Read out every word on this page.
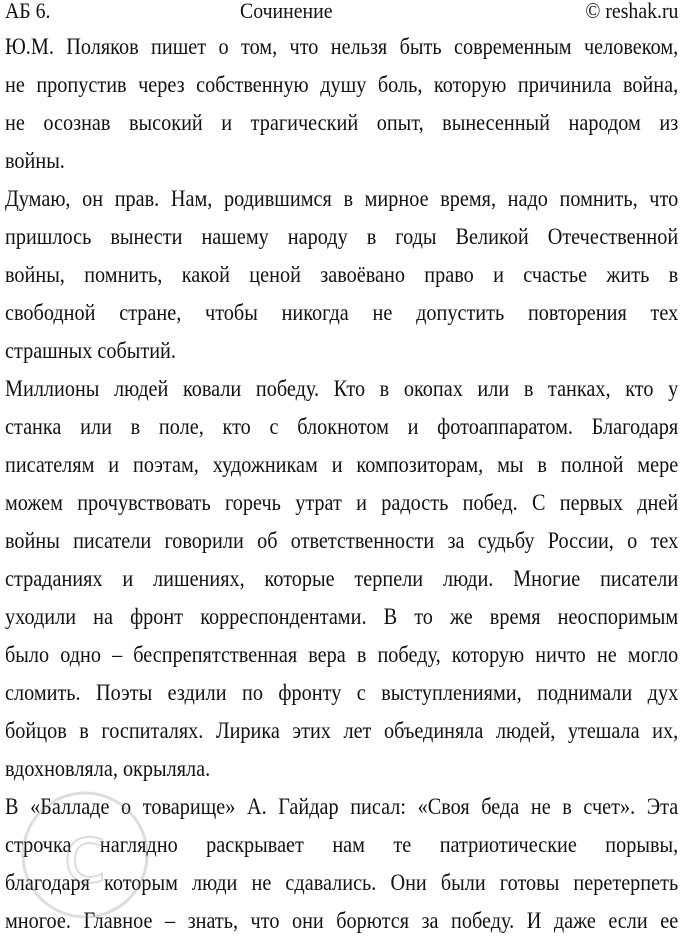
АБ 6.	Сочинение	© reshak.ru
Ю.М. Поляков пишет о том, что нельзя быть современным человеком,
не пропустив через собственную душу боль, которую причинила война,
не осознав высокий и трагический опыт, вынесенный народом из
войны.
Думаю, он прав. Нам, родившимся в мирное время, надо помнить, что
пришлось вынести нашему народу в годы Великой Отечественной
войны, помнить, какой ценой завоёвано право и счастье жить в
свободной стране, чтобы никогда не допустить повторения тех
страшных событий.
Миллионы людей ковали победу. Кто в окопах или в танках, кто у
станка или в поле, кто с блокнотом и фотоаппаратом. Благодаря
писателям и поэтам, художникам и композиторам, мы в полной мере
можем прочувствовать горечь утрат и радость побед. С первых дней
войны писатели говорили об ответственности за судьбу России, о тех
страданиях и лишениях, которые терпели люди. Многие писатели
уходили на фронт корреспондентами. В то же время неоспоримым
было одно – беспрепятственная вера в победу, которую ничто не могло
сломить. Поэты ездили по фронту с выступлениями, поднимали дух
бойцов в госпиталях. Лирика этих лет объединяла людей, утешала их,
вдохновляла, окрыляла.
В «Балладе о товарище» А. Гайдар писал: «Своя беда не в счет». Эта
строчка наглядно раскрывает нам те патриотические порывы,
благодаря которым люди не сдавались. Они были готовы перетерпеть
многое. Главное – знать, что они борются за победу. И даже если ее
c
